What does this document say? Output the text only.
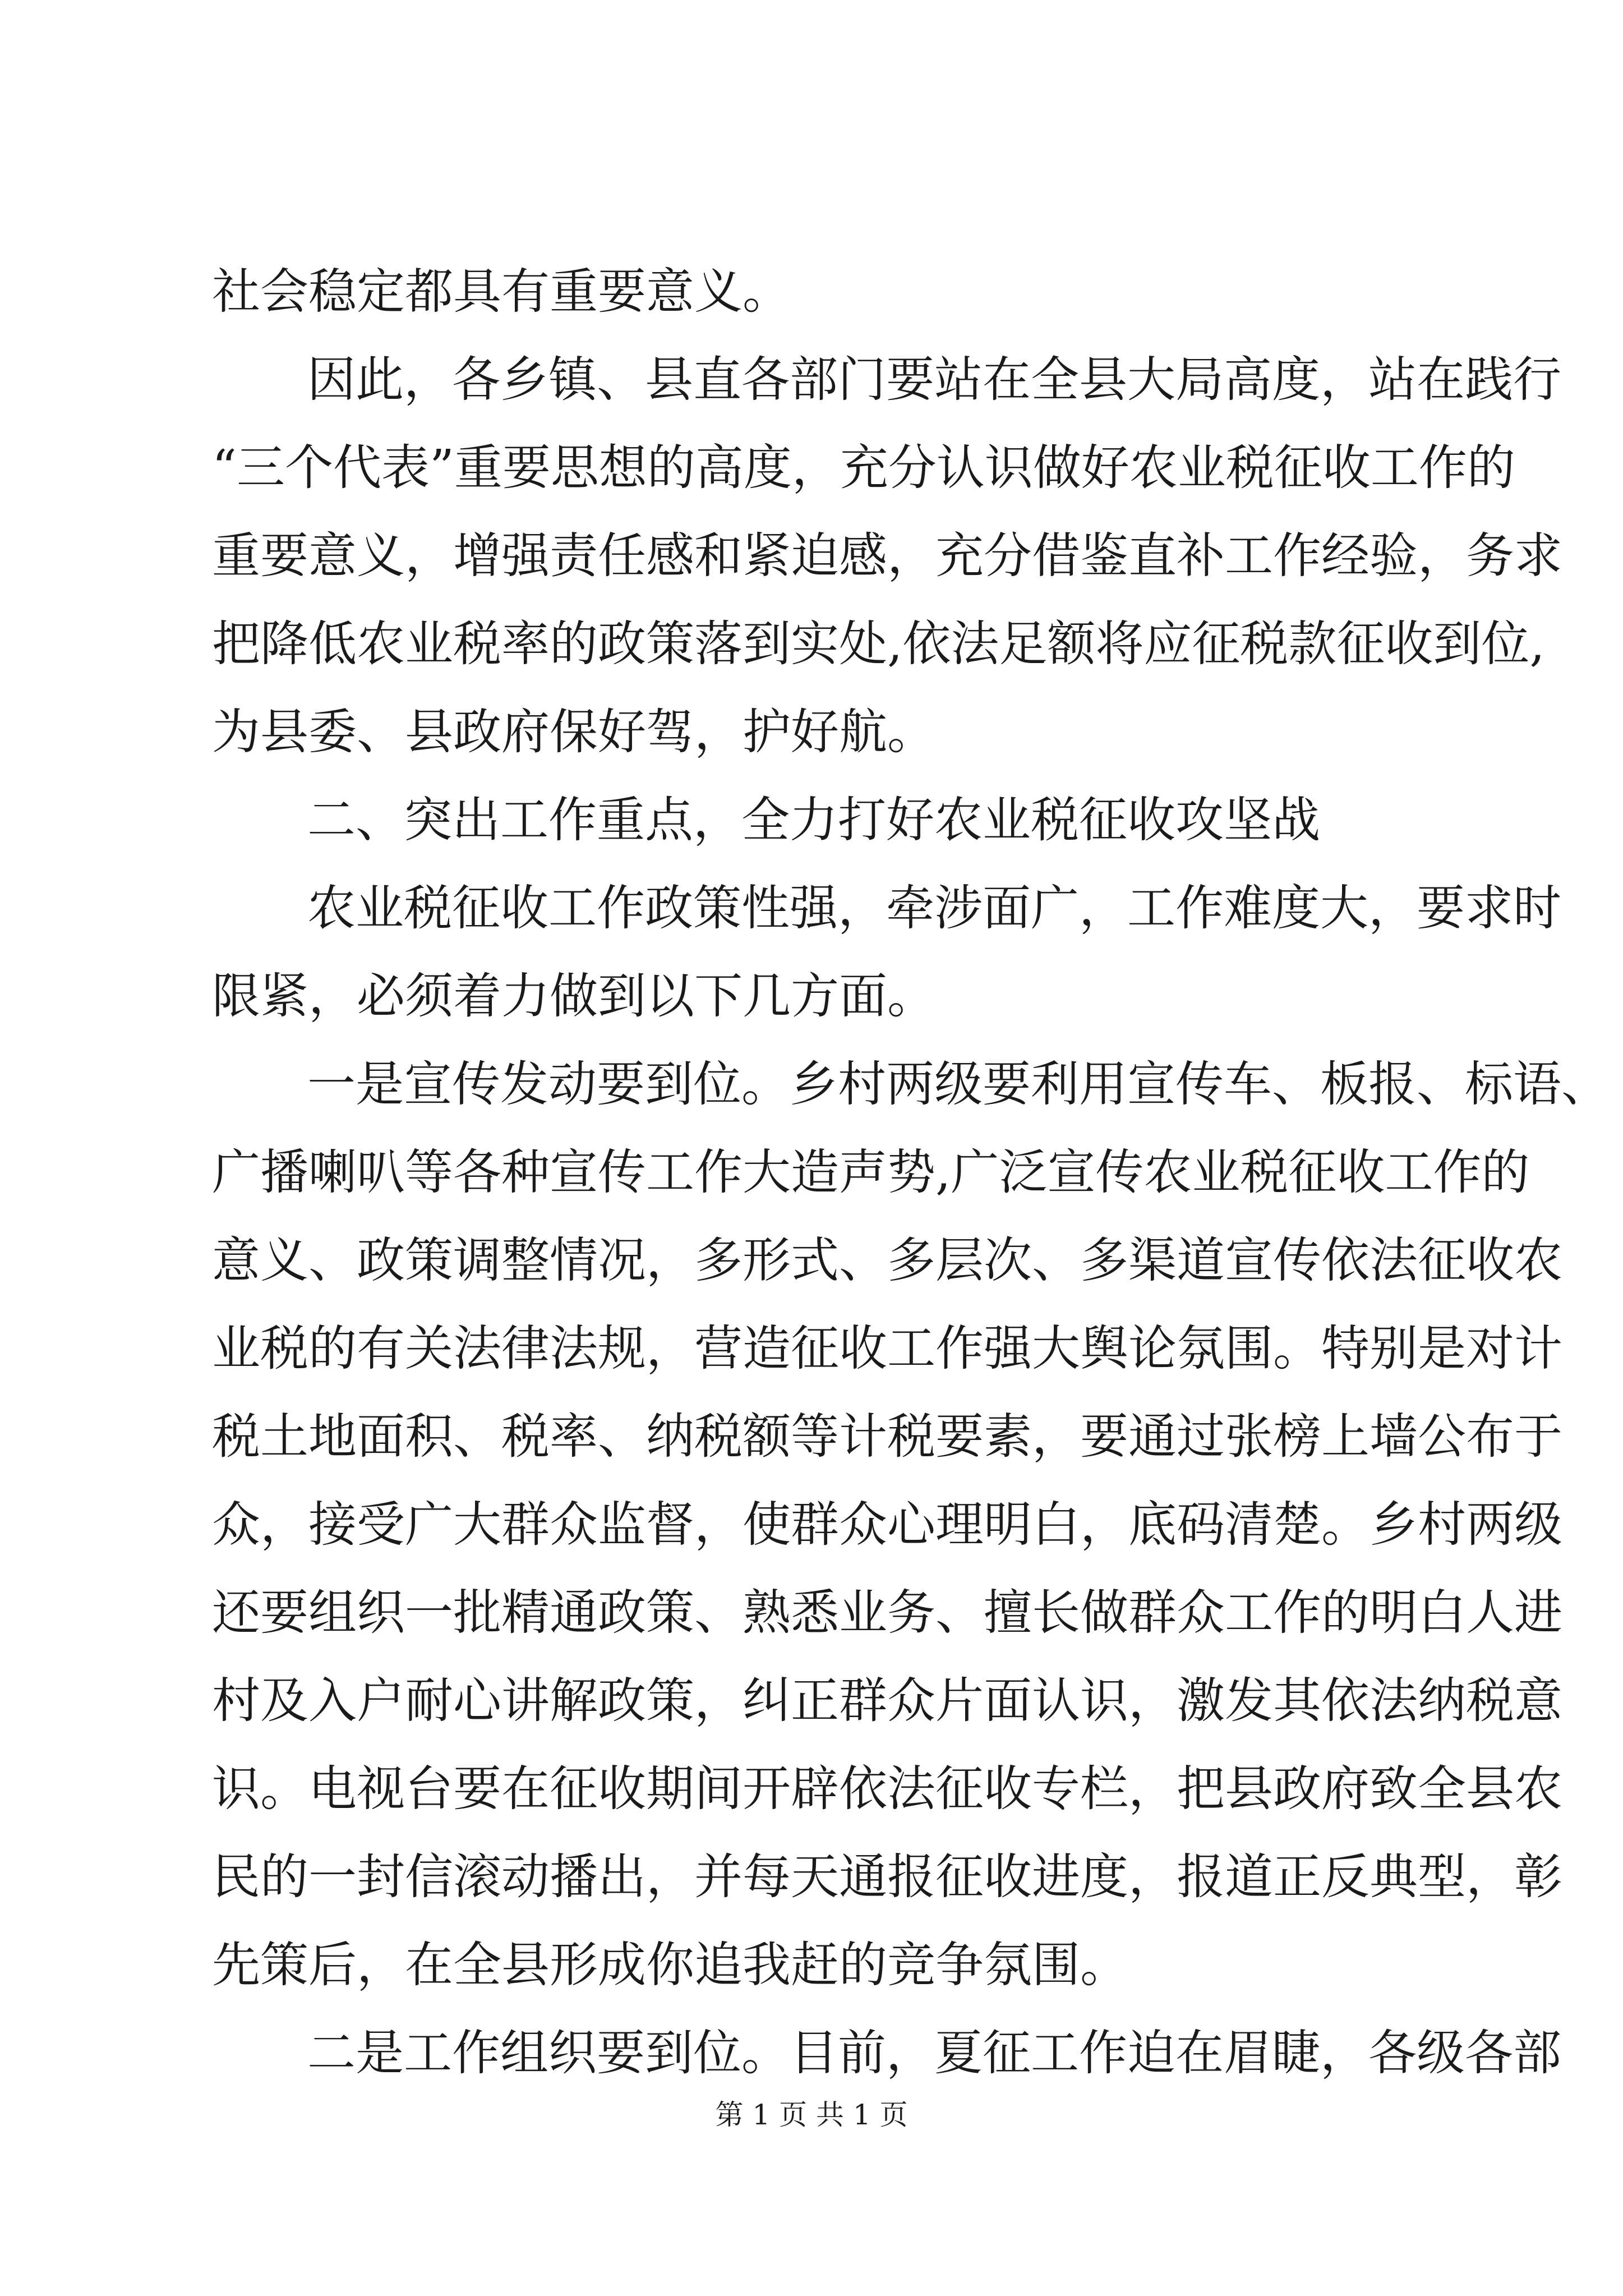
社会稳定都具有重要意义。
因此，各乡镇、县直各部门要站在全县大局高度，站在践行
“三个代表”重要思想的高度，充分认识做好农业税征收工作的
重要意义，增强责任感和紧迫感，充分借鉴直补工作经验，务求
把降低农业税率的政策落到实处,依法足额将应征税款征收到位,
为县委、县政府保好驾，护好航。
二、突出工作重点，全力打好农业税征收攻坚战
农业税征收工作政策性强，牵涉面广，工作难度大，要求时
限紧，必须着力做到以下几方面。
一是宣传发动要到位。乡村两级要利用宣传车、板报、标语、
广播喇叭等各种宣传工作大造声势,广泛宣传农业税征收工作的
意义、政策调整情况，多形式、多层次、多渠道宣传依法征收农
业税的有关法律法规，营造征收工作强大舆论氛围。特别是对计
税土地面积、税率、纳税额等计税要素，要通过张榜上墙公布于
众，接受广大群众监督，使群众心理明白，底码清楚。乡村两级
还要组织一批精通政策、熟悉业务、擅长做群众工作的明白人进
村及入户耐心讲解政策，纠正群众片面认识，激发其依法纳税意
识。电视台要在征收期间开辟依法征收专栏，把县政府致全县农
民的一封信滚动播出，并每天通报征收进度，报道正反典型，彰
先策后，在全县形成你追我赶的竞争氛围。
二是工作组织要到位。目前，夏征工作迫在眉睫，各级各部
第 1 页 共 1 页
